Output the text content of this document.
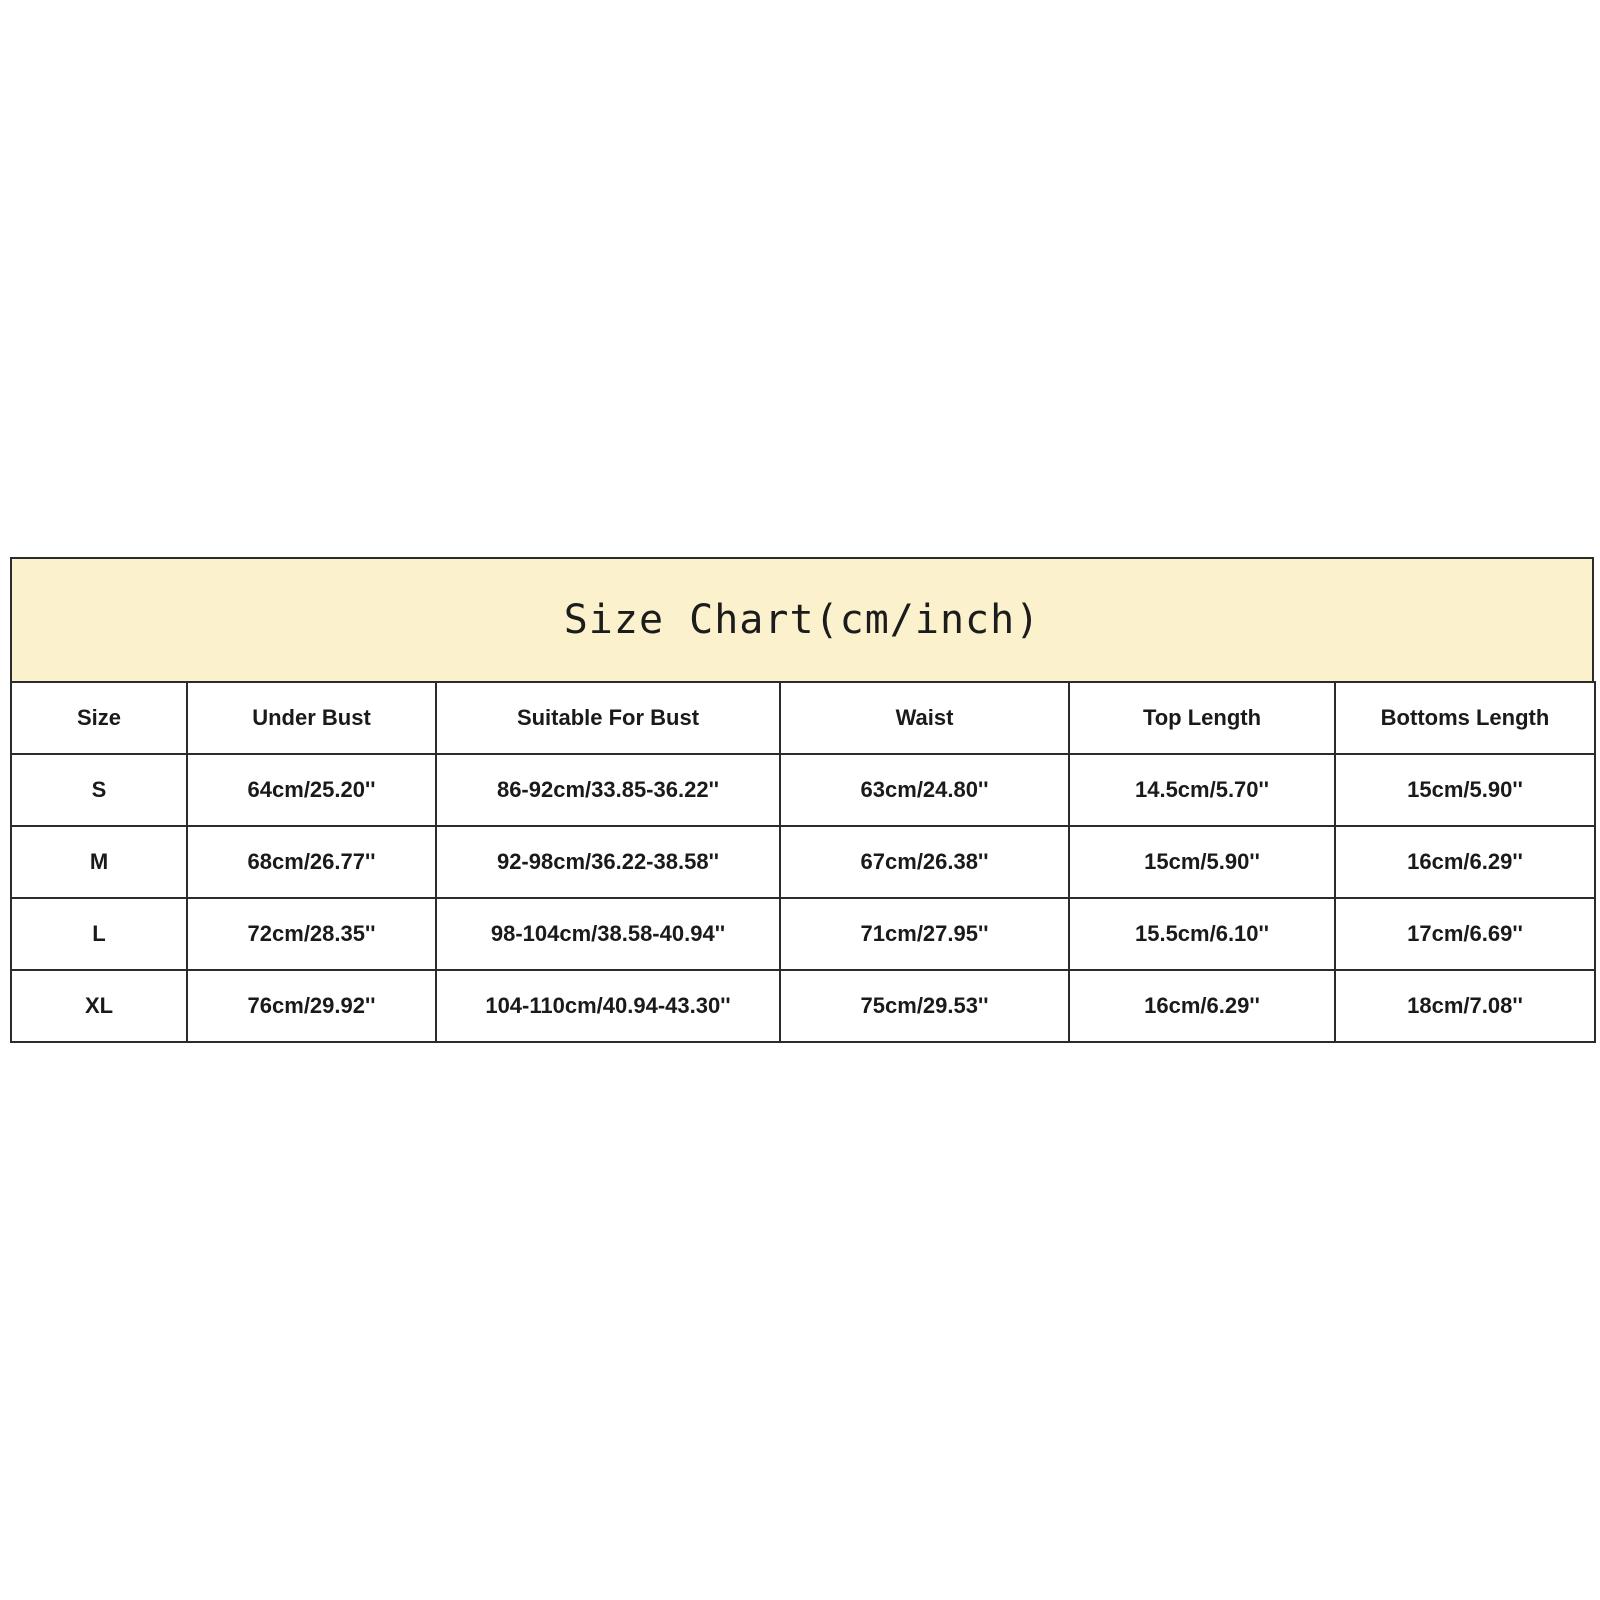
Size Chart(cm/inch)
Size	Under Bust	Suitable For Bust	Waist	Top Length	Bottoms Length
S	64cm/25.20''	86-92cm/33.85-36.22''	63cm/24.80''	14.5cm/5.70''	15cm/5.90''
M	68cm/26.77''	92-98cm/36.22-38.58''	67cm/26.38''	15cm/5.90''	16cm/6.29''
L	72cm/28.35''	98-104cm/38.58-40.94''	71cm/27.95''	15.5cm/6.10''	17cm/6.69''
XL	76cm/29.92''	104-110cm/40.94-43.30''	75cm/29.53''	16cm/6.29''	18cm/7.08''
